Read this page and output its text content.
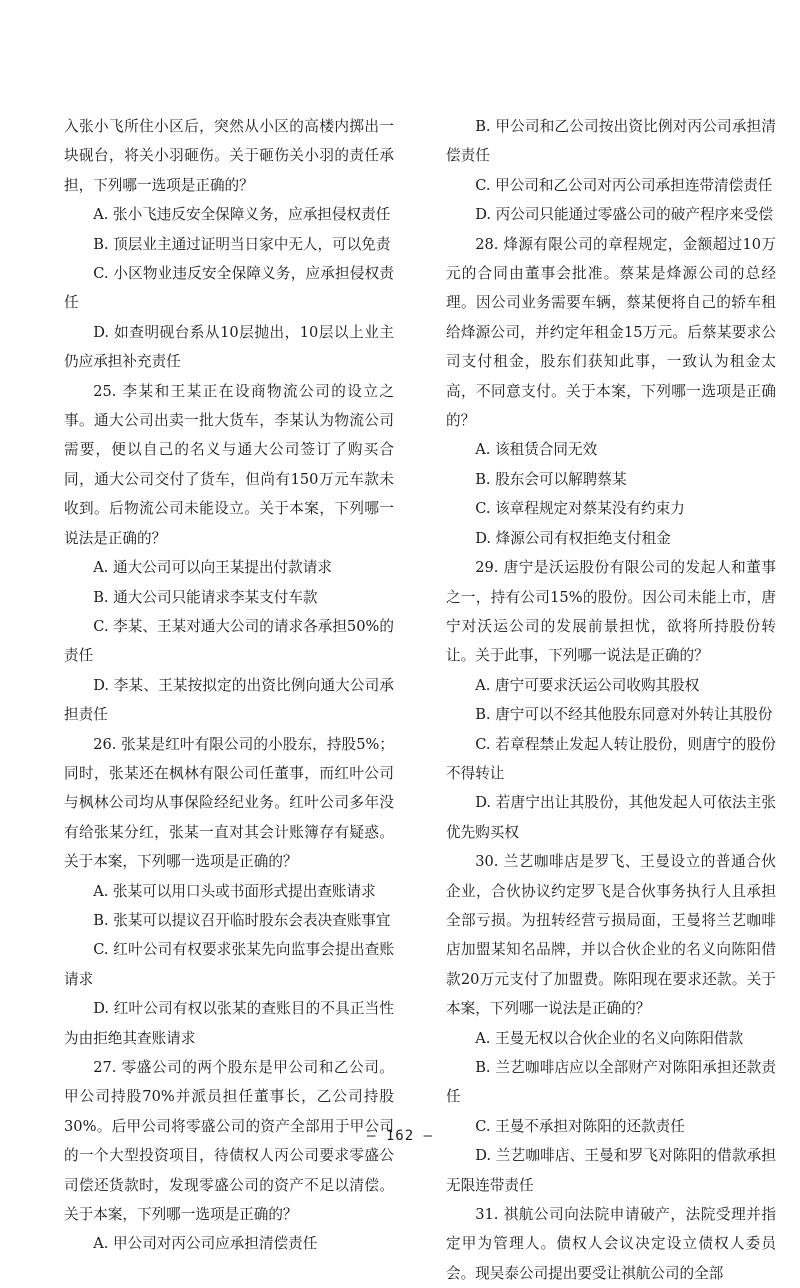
入张小飞所住小区后，突然从小区的高楼内掷出一块砚台，将关小羽砸伤。关于砸伤关小羽的责任承担，下列哪一选项是正确的？

A. 张小飞违反安全保障义务，应承担侵权责任

B. 顶层业主通过证明当日家中无人，可以免责

C. 小区物业违反安全保障义务，应承担侵权责任

D. 如查明砚台系从10层抛出，10层以上业主仍应承担补充责任

25. 李某和王某正在设商物流公司的设立之事。通大公司出卖一批大货车，李某认为物流公司需要，便以自己的名义与通大公司签订了购买合同，通大公司交付了货车，但尚有150万元车款未收到。后物流公司未能设立。关于本案，下列哪一说法是正确的？

A. 通大公司可以向王某提出付款请求

B. 通大公司只能请求李某支付车款

C. 李某、王某对通大公司的请求各承担50%的责任

D. 李某、王某按拟定的出资比例向通大公司承担责任

26. 张某是红叶有限公司的小股东，持股5%；同时，张某还在枫林有限公司任董事，而红叶公司与枫林公司均从事保险经纪业务。红叶公司多年没有给张某分红，张某一直对其会计账簿存有疑惑。关于本案，下列哪一选项是正确的？

A. 张某可以用口头或书面形式提出查账请求

B. 张某可以提议召开临时股东会表决查账事宜

C. 红叶公司有权要求张某先向监事会提出查账请求

D. 红叶公司有权以张某的查账目的不具正当性为由拒绝其查账请求

27. 零盛公司的两个股东是甲公司和乙公司。甲公司持股70%并派员担任董事长，乙公司持股30%。后甲公司将零盛公司的资产全部用于甲公司的一个大型投资项目，待债权人丙公司要求零盛公司偿还货款时，发现零盛公司的资产不足以清偿。关于本案，下列哪一选项是正确的？

A. 甲公司对丙公司应承担清偿责任

B. 甲公司和乙公司按出资比例对丙公司承担清偿责任

C. 甲公司和乙公司对丙公司承担连带清偿责任

D. 丙公司只能通过零盛公司的破产程序来受偿

28. 烽源有限公司的章程规定，金额超过10万元的合同由董事会批准。蔡某是烽源公司的总经理。因公司业务需要车辆，蔡某便将自己的轿车租给烽源公司，并约定年租金15万元。后蔡某要求公司支付租金，股东们获知此事，一致认为租金太高，不同意支付。关于本案，下列哪一选项是正确的？

A. 该租赁合同无效

B. 股东会可以解聘蔡某

C. 该章程规定对蔡某没有约束力

D. 烽源公司有权拒绝支付租金

29. 唐宁是沃运股份有限公司的发起人和董事之一，持有公司15%的股份。因公司未能上市，唐宁对沃运公司的发展前景担忧，欲将所持股份转让。关于此事，下列哪一说法是正确的？

A. 唐宁可要求沃运公司收购其股权

B. 唐宁可以不经其他股东同意对外转让其股份

C. 若章程禁止发起人转让股份，则唐宁的股份不得转让

D. 若唐宁出让其股份，其他发起人可依法主张优先购买权

30. 兰艺咖啡店是罗飞、王曼设立的普通合伙企业，合伙协议约定罗飞是合伙事务执行人且承担全部亏损。为扭转经营亏损局面，王曼将兰艺咖啡店加盟某知名品牌，并以合伙企业的名义向陈阳借款20万元支付了加盟费。陈阳现在要求还款。关于本案，下列哪一说法是正确的？

A. 王曼无权以合伙企业的名义向陈阳借款

B. 兰艺咖啡店应以全部财产对陈阳承担还款责任

C. 王曼不承担对陈阳的还款责任

D. 兰艺咖啡店、王曼和罗飞对陈阳的借款承担无限连带责任

31. 祺航公司向法院申请破产，法院受理并指定甲为管理人。债权人会议决定设立债权人委员会。现吴泰公司提出要受让祺航公司的全部

— 162 —
